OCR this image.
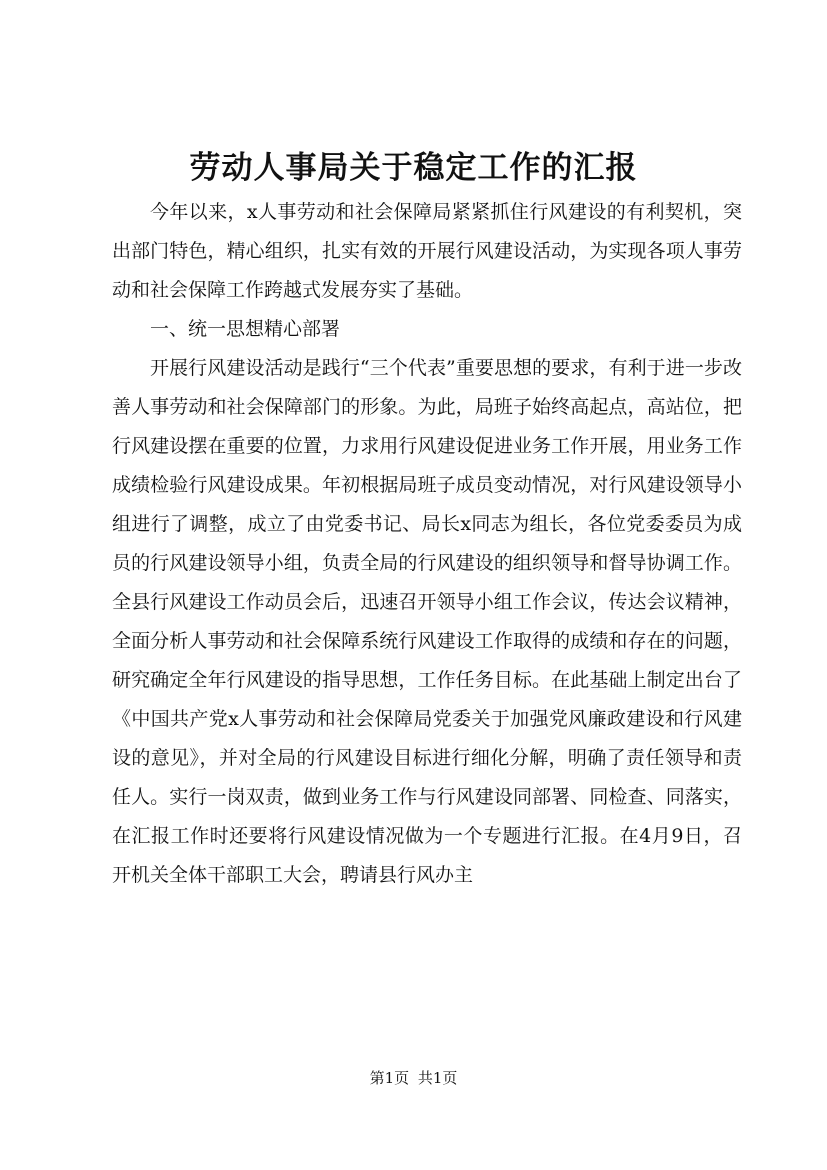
劳动人事局关于稳定工作的汇报

今年以来，x人事劳动和社会保障局紧紧抓住行风建设的有利契机，突出部门特色，精心组织，扎实有效的开展行风建设活动，为实现各项人事劳动和社会保障工作跨越式发展夯实了基础。

一、统一思想精心部署

开展行风建设活动是践行“三个代表”重要思想的要求，有利于进一步改善人事劳动和社会保障部门的形象。为此，局班子始终高起点，高站位，把行风建设摆在重要的位置，力求用行风建设促进业务工作开展，用业务工作成绩检验行风建设成果。年初根据局班子成员变动情况，对行风建设领导小组进行了调整，成立了由党委书记、局长x同志为组长，各位党委委员为成员的行风建设领导小组，负责全局的行风建设的组织领导和督导协调工作。全县行风建设工作动员会后，迅速召开领导小组工作会议，传达会议精神，全面分析人事劳动和社会保障系统行风建设工作取得的成绩和存在的问题，研究确定全年行风建设的指导思想，工作任务目标。在此基础上制定出台了《中国共产党x人事劳动和社会保障局党委关于加强党风廉政建设和行风建设的意见》，并对全局的行风建设目标进行细化分解，明确了责任领导和责任人。实行一岗双责，做到业务工作与行风建设同部署、同检查、同落实，在汇报工作时还要将行风建设情况做为一个专题进行汇报。在4月9日，召开机关全体干部职工大会，聘请县行风办主

第1页 共1页
